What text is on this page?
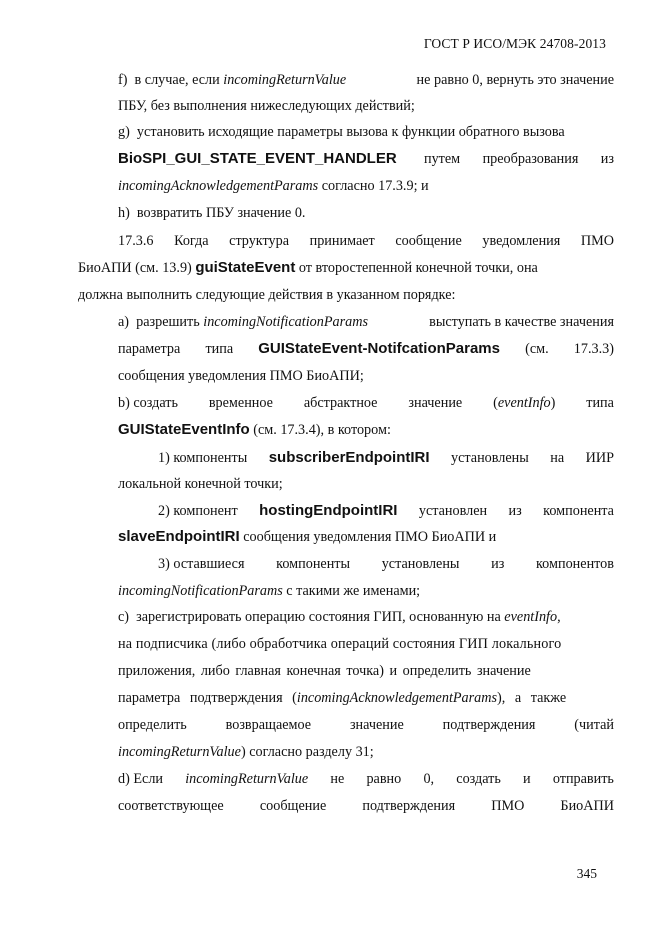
ГОСТ Р ИСО/МЭК 24708-2013
f) в случае, если incomingReturnValue	не равно 0, вернуть это значение
ПБУ, без выполнения нижеследующих действий;
g) установить исходящие параметры вызова к функции обратного вызова
BioSPI_GUI_STATE_EVENT_HANDLER путем преобразования из
incomingAcknowledgementParams согласно 17.3.9; и
h) возвратить ПБУ значение 0.
17.3.6 Когда структура принимает сообщение уведомления ПМО
БиоАПИ (см. 13.9) guiStateEvent от второстепенной конечной точки, она
должна выполнить следующие действия в указанном порядке:
a) разрешить incomingNotificationParams	выступать в качестве значения
параметра типа GUIStateEvent-NotifcationParams (см. 17.3.3)
сообщения уведомления ПМО БиоАПИ;
b) создать временное абстрактное значение (eventInfo) типа
GUIStateEventInfo (см. 17.3.4), в котором:
1) компоненты subscriberEndpointIRI установлены на ИИР
локальной конечной точки;
2) компонент hostingEndpointIRI установлен из компонента
slaveEndpointIRI сообщения уведомления ПМО БиоАПИ и
3) оставшиеся компоненты установлены из компонентов
incomingNotificationParams с такими же именами;
c) зарегистрировать операцию состояния ГИП, основанную на eventInfo,
на подписчика (либо обработчика операций состояния ГИП локального
приложения, либо главная конечная точка) и определить значение
параметра подтверждения (incomingAcknowledgementParams), а также
определить	возвращаемое	значение	подтверждения	(читай
incomingReturnValue) согласно разделу 31;
d) Если incomingReturnValue не равно 0, создать и отправить
соответствующее	сообщение	подтверждения	ПМО	БиоАПИ
345
